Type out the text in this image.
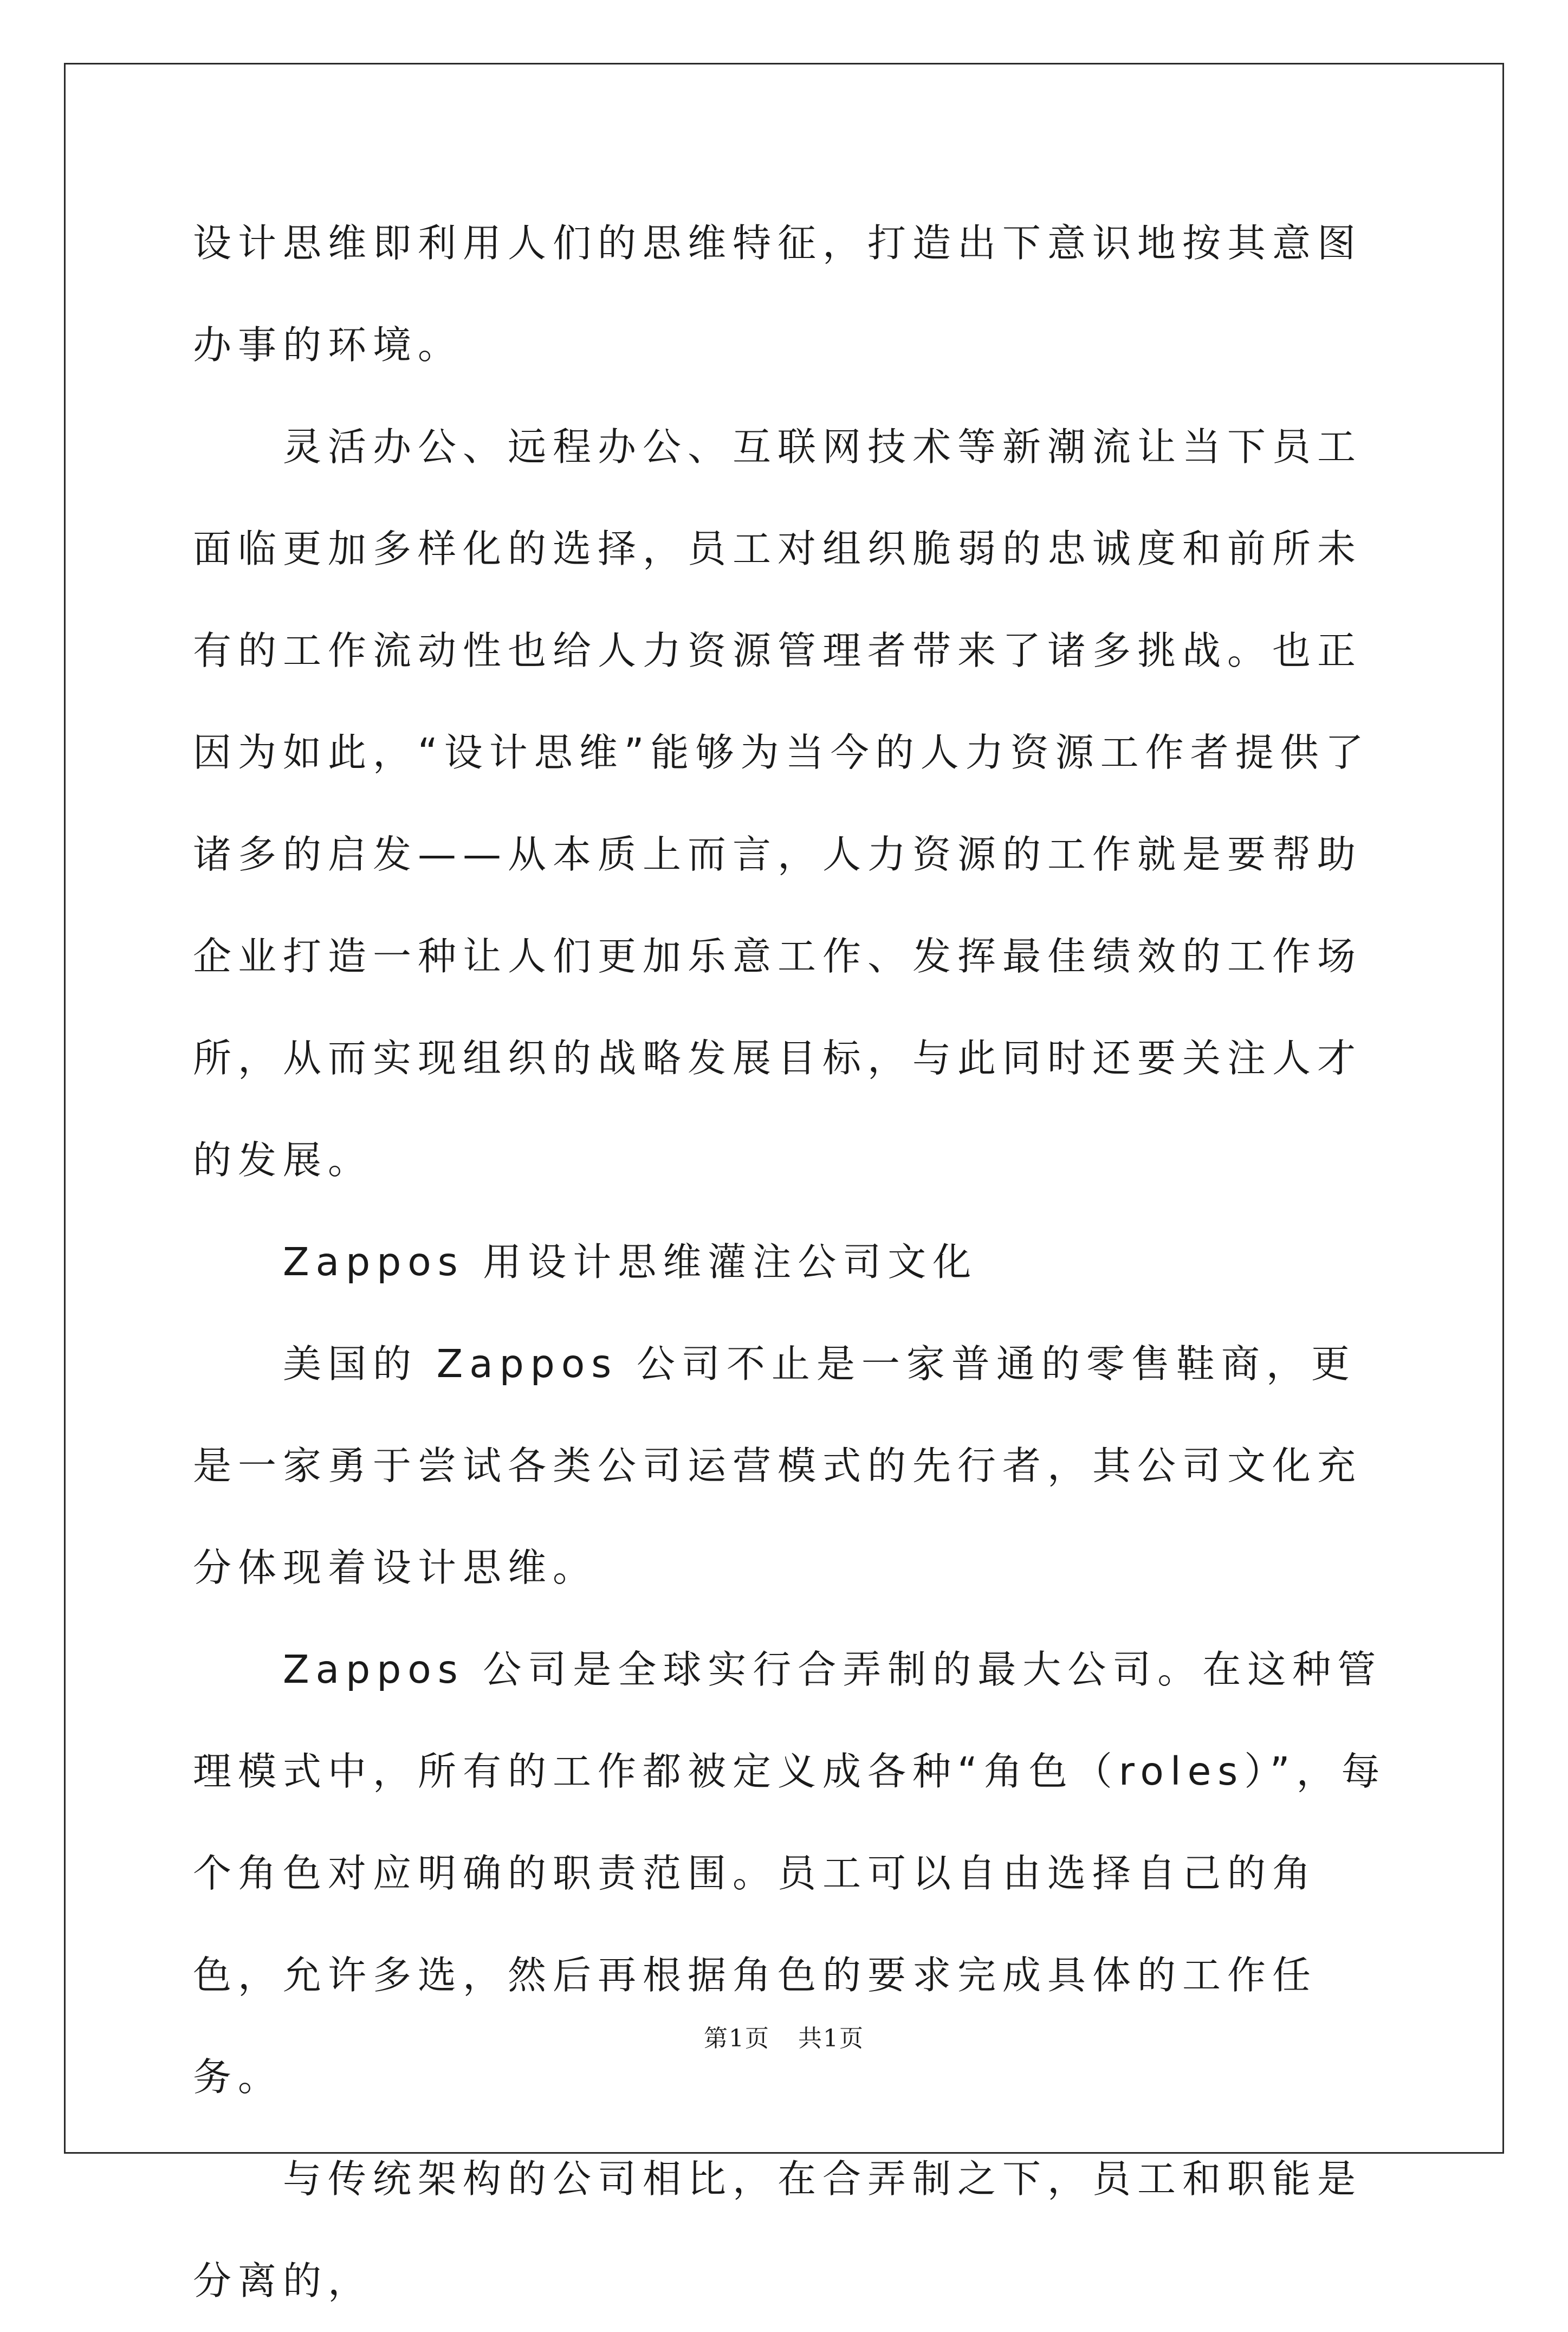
设计思维即利用人们的思维特征，打造出下意识地按其意图办事的环境。

灵活办公、远程办公、互联网技术等新潮流让当下员工面临更加多样化的选择，员工对组织脆弱的忠诚度和前所未有的工作流动性也给人力资源管理者带来了诸多挑战。也正因为如此，“设计思维”能够为当今的人力资源工作者提供了诸多的启发——从本质上而言，人力资源的工作就是要帮助企业打造一种让人们更加乐意工作、发挥最佳绩效的工作场所，从而实现组织的战略发展目标，与此同时还要关注人才的发展。

Zappos 用设计思维灌注公司文化

美国的 Zappos 公司不止是一家普通的零售鞋商，更是一家勇于尝试各类公司运营模式的先行者，其公司文化充分体现着设计思维。

Zappos 公司是全球实行合弄制的最大公司。在这种管理模式中，所有的工作都被定义成各种“角色（roles）”，每个角色对应明确的职责范围。员工可以自由选择自己的角色，允许多选，然后再根据角色的要求完成具体的工作任务。

与传统架构的公司相比，在合弄制之下，员工和职能是分离的，

第1页 共1页
